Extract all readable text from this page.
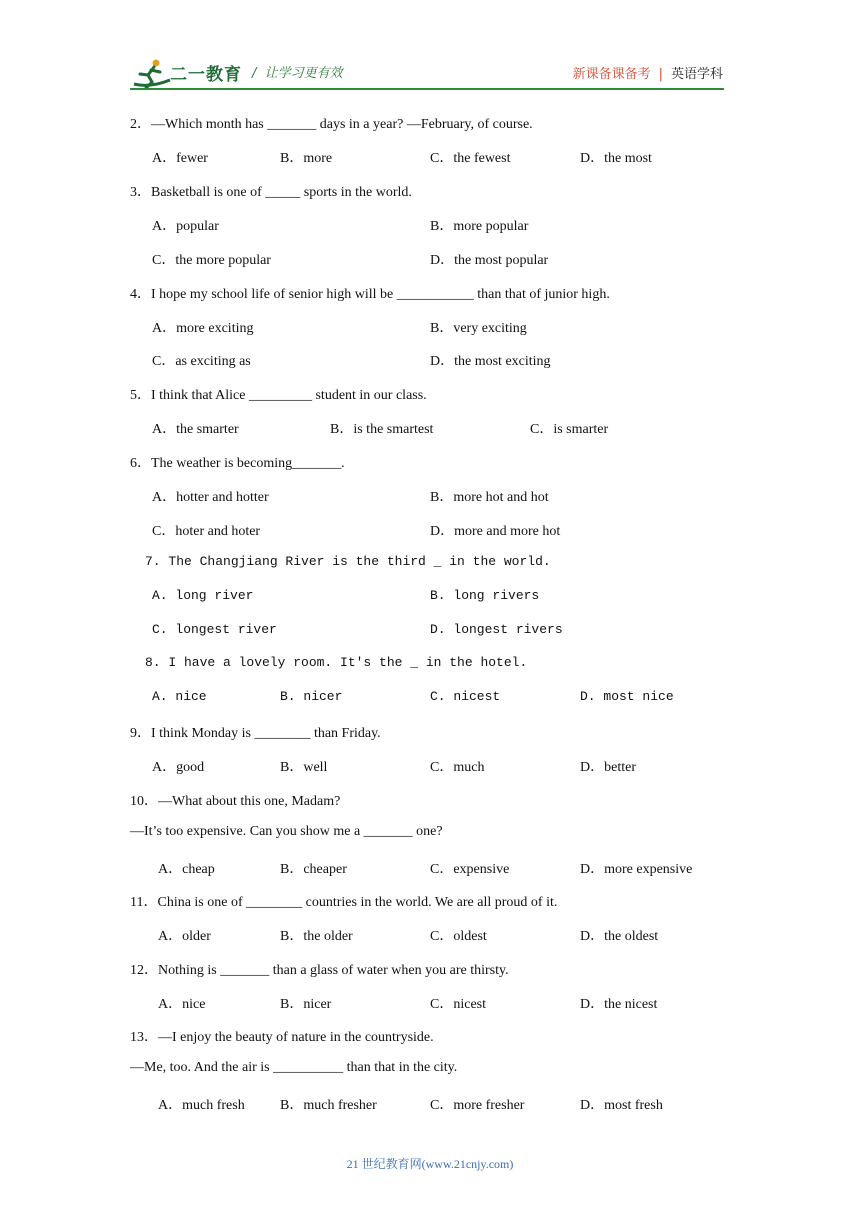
二一教育 /  让学习更有效	新课备课备考 | 英语学科
2．—Which month has _______ days in a year? —February, of course.
A．fewer	B．more	C．the fewest	D．the most
3．Basketball is one of _____ sports in the world.
A．popular	B．more popular
C．the more popular	D．the most popular
4．I hope my school life of senior high will be ___________ than that of junior high.
A．more exciting	B．very exciting
C．as exciting as	D．the most exciting
5．I think that Alice _________ student in our class.
A．the smarter	B．is the smartest	C．is smarter
6．The weather is becoming_______.
A．hotter and hotter	B．more hot and hot
C．hoter and hoter	D．more and more hot
7. The Changjiang River is the third _ in the world.
A. long river	B. long rivers
C. longest river	D. longest rivers
8. I have a lovely room. It's the _ in the hotel.
A. nice	B. nicer	C. nicest	D. most nice
9．I think Monday is ________ than Friday.
A．good	B．well	C．much	D．better
10．—What about this one, Madam?
—It’s too expensive. Can you show me a _______ one?
A．cheap	B．cheaper	C．expensive	D．more expensive
11．China is one of ________ countries in the world. We are all proud of it.
A．older	B．the older	C．oldest	D．the oldest
12．Nothing is _______ than a glass of water when you are thirsty.
A．nice	B．nicer	C．nicest	D．the nicest
13．—I enjoy the beauty of nature in the countryside.
—Me, too. And the air is __________ than that in the city.
A．much fresh	B．much fresher	C．more fresher	D．most fresh
21 世纪教育网(www.21cnjy.com)
